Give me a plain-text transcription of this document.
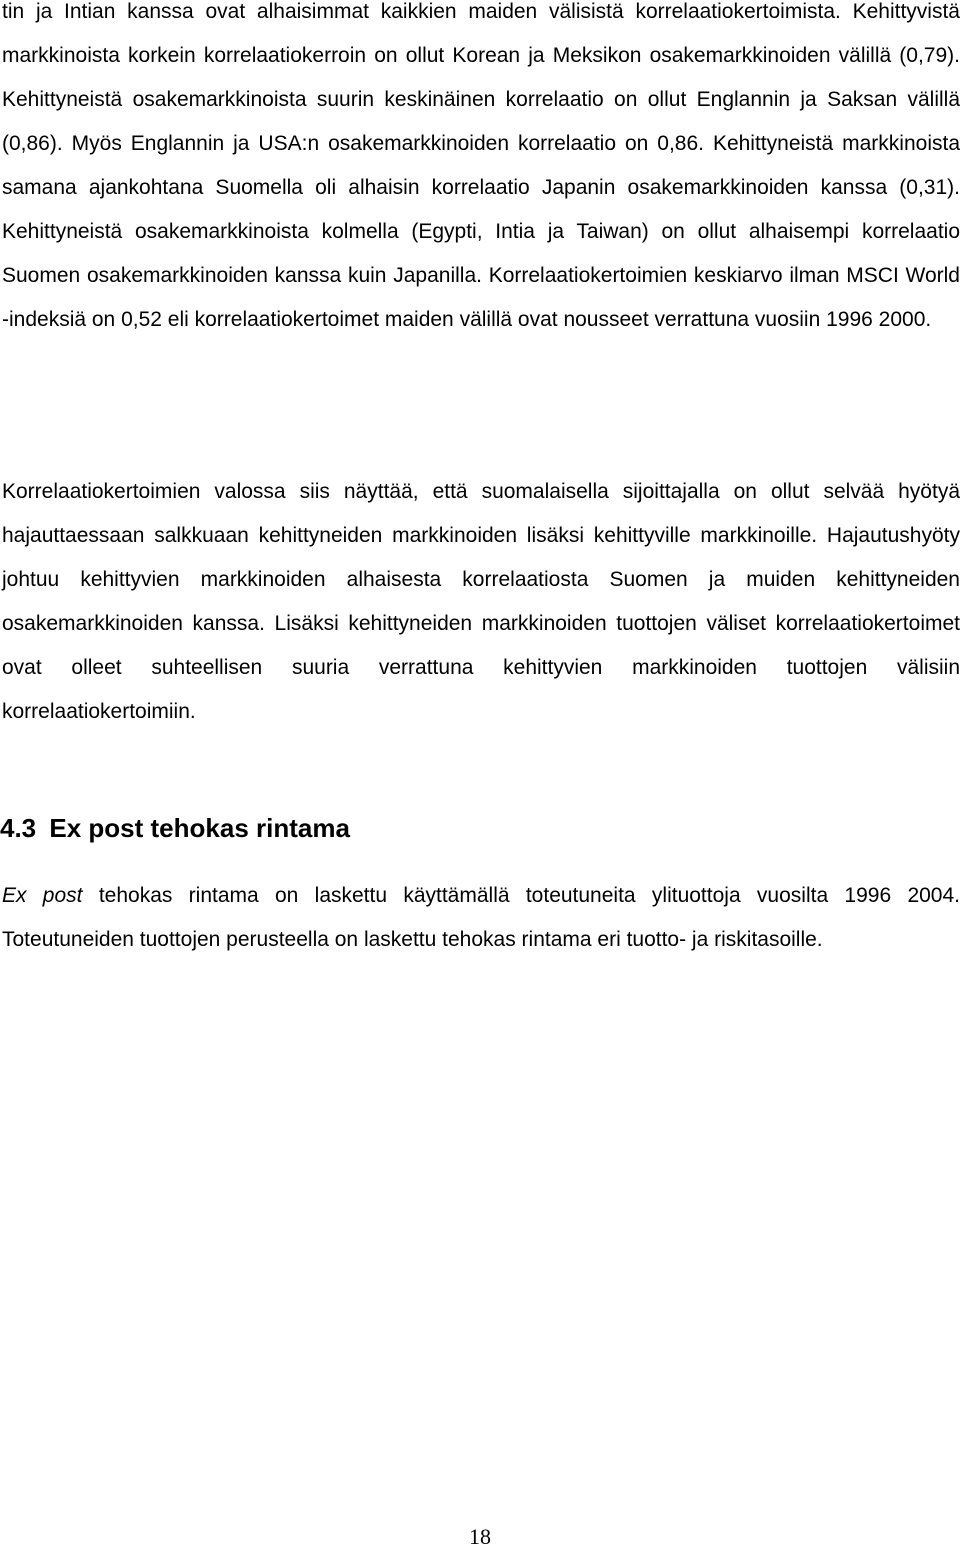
tin ja Intian kanssa ovat alhaisimmat kaikkien maiden välisistä korrelaatiokertoimista. Kehittyvistä markkinoista korkein korrelaatiokerroin on ollut Korean ja Meksikon osakemarkkinoiden välillä (0,79). Kehittyneistä osakemarkkinoista suurin keskinäinen korrelaatio on ollut Englannin ja Saksan välillä (0,86). Myös Englannin ja USA:n osakemarkkinoiden korrelaatio on 0,86. Kehittyneistä markkinoista samana ajankohtana Suomella oli alhaisin korrelaatio Japanin osakemarkkinoiden kanssa (0,31). Kehittyneistä osakemarkkinoista kolmella (Egypti, Intia ja Taiwan) on ollut alhaisempi korrelaatio Suomen osakemarkkinoiden kanssa kuin Japanilla. Korrelaatiokertoimien keskiarvo ilman MSCI World -indeksiä on 0,52 eli korrelaatiokertoimet maiden välillä ovat nousseet verrattuna vuosiin 1996 2000.

Korrelaatiokertoimien valossa siis näyttää, että suomalaisella sijoittajalla on ollut selvää hyötyä hajauttaessaan salkkuaan kehittyneiden markkinoiden lisäksi kehittyville markkinoille. Hajautushyöty johtuu kehittyvien markkinoiden alhaisesta korrelaatiosta Suomen ja muiden kehittyneiden osakemarkkinoiden kanssa. Lisäksi kehittyneiden markkinoiden tuottojen väliset korrelaatiokertoimet ovat olleet suhteellisen suuria verrattuna kehittyvien markkinoiden tuottojen välisiin korrelaatiokertoimiin.

4.3 Ex post tehokas rintama

Ex post tehokas rintama on laskettu käyttämällä toteutuneita ylituottoja vuosilta 1996 2004. Toteutuneiden tuottojen perusteella on laskettu tehokas rintama eri tuotto- ja riskitasoille.

18
